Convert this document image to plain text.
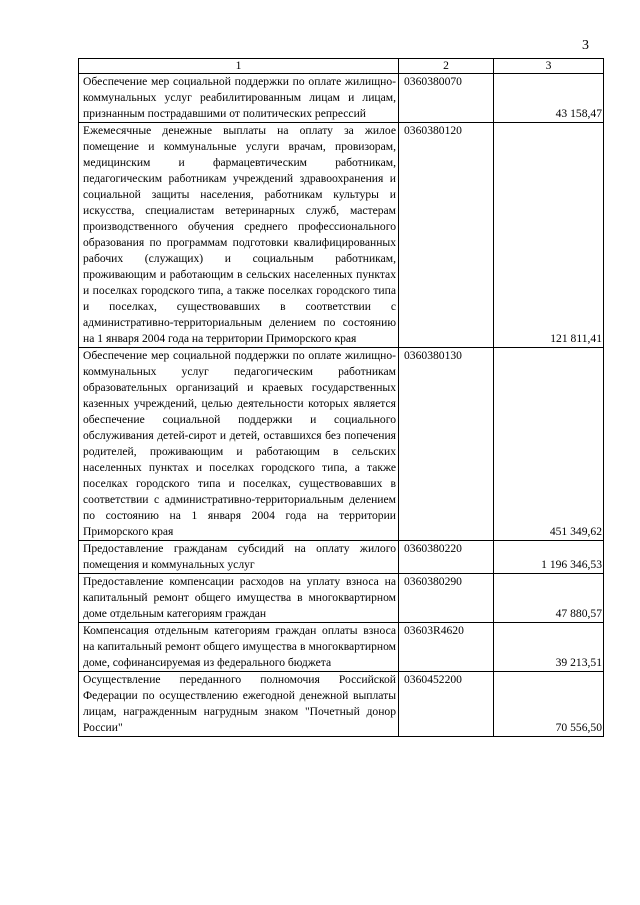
3
1	2	3
Обеспечение мер социальной поддержки по оплате жилищно-коммунальных услуг реабилитированным лицам и лицам, признанным пострадавшими от политических репрессий	0360380070	43 158,47
Ежемесячные денежные выплаты на оплату за жилое помещение и коммунальные услуги врачам, провизорам, медицинским и фармацевтическим работникам, педагогическим работникам учреждений здравоохранения и социальной защиты населения, работникам культуры и искусства, специалистам ветеринарных служб, мастерам производственного обучения среднего профессионального образования по программам подготовки квалифицированных рабочих (служащих) и социальным работникам, проживающим и работающим в сельских населенных пунктах и поселках городского типа, а также поселках городского типа и поселках, существовавших в соответствии с административно-территориальным делением по состоянию на 1 января 2004 года на территории Приморского края	0360380120	121 811,41
Обеспечение мер социальной поддержки по оплате жилищно-коммунальных услуг педагогическим работникам образовательных организаций и краевых государственных казенных учреждений, целью деятельности которых является обеспечение социальной поддержки и социального обслуживания детей-сирот и детей, оставшихся без попечения родителей, проживающим и работающим в сельских населенных пунктах и поселках городского типа, а также поселках городского типа и поселках, существовавших в соответствии с административно-территориальным делением по состоянию на 1 января 2004 года на территории Приморского края	0360380130	451 349,62
Предоставление гражданам субсидий на оплату жилого помещения и коммунальных услуг	0360380220	1 196 346,53
Предоставление компенсации расходов на уплату взноса на капитальный ремонт общего имущества в многоквартирном доме отдельным категориям граждан	0360380290	47 880,57
Компенсация отдельным категориям граждан оплаты взноса на капитальный ремонт общего имущества в многоквартирном доме, софинансируемая из федерального бюджета	03603R4620	39 213,51
Осуществление переданного полномочия Российской Федерации по осуществлению ежегодной денежной выплаты лицам, награжденным нагрудным знаком "Почетный донор России"	0360452200	70 556,50
